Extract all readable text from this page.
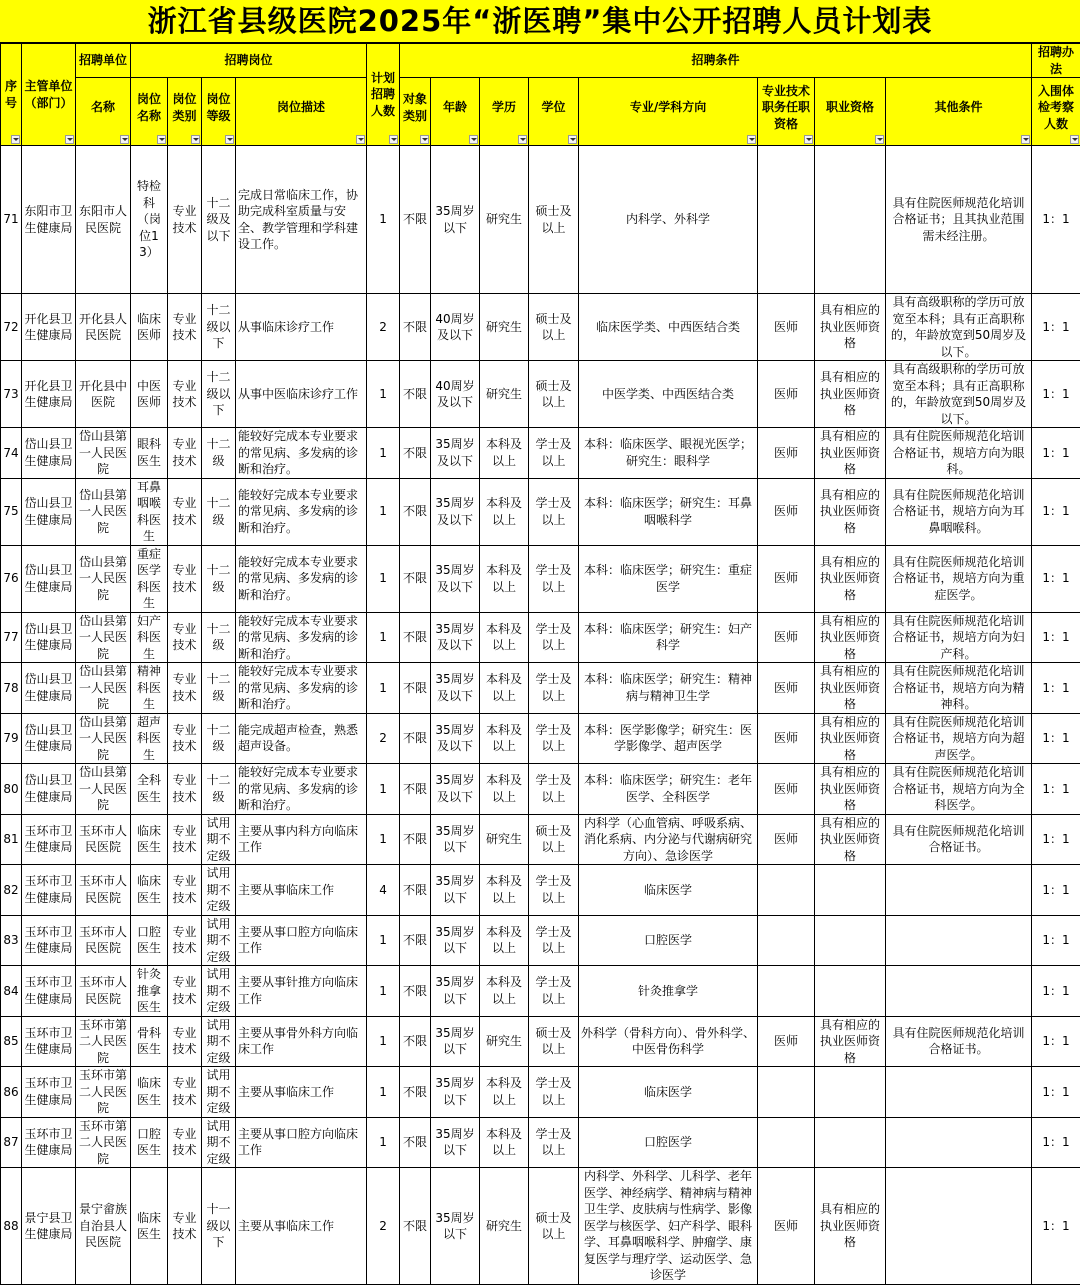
浙江省县级医院2025年“浙医聘”集中公开招聘人员计划表
序号	主管单位（部门）	招聘单位	招聘岗位				计划招聘人数	招聘条件								招聘办法
		名称	岗位名称	岗位类别	岗位等级	岗位描述		对象类别	年龄	学历	学位	专业/学科方向	专业技术职务任职资格	职业资格	其他条件	入围体检考察人数

71	东阳市卫生健康局	东阳市人民医院	特检科（岗位13）	专业技术	十二级及以下	完成日常临床工作，协助完成科室质量与安全、教学管理和学科建设工作。	1	不限	35周岁以下	研究生	硕士及以上	内科学、外科学			具有住院医师规范化培训合格证书；且其执业范围需未经注册。	1：1
72	开化县卫生健康局	开化县人民医院	临床医师	专业技术	十二级以下	从事临床诊疗工作	2	不限	40周岁及以下	研究生	硕士及以上	临床医学类、中西医结合类	医师	具有相应的执业医师资格	具有高级职称的学历可放宽至本科；具有正高职称的，年龄放宽到50周岁及以下。	1：1
73	开化县卫生健康局	开化县中医院	中医医师	专业技术	十二级以下	从事中医临床诊疗工作	1	不限	40周岁及以下	研究生	硕士及以上	中医学类、中西医结合类	医师	具有相应的执业医师资格	具有高级职称的学历可放宽至本科；具有正高职称的，年龄放宽到50周岁及以下。	1：1
74	岱山县卫生健康局	岱山县第一人民医院	眼科医生	专业技术	十二级	能较好完成本专业要求的常见病、多发病的诊断和治疗。	1	不限	35周岁及以下	本科及以上	学士及以上	本科：临床医学、眼视光医学；研究生：眼科学	医师	具有相应的执业医师资格	具有住院医师规范化培训合格证书，规培方向为眼科。	1：1
75	岱山县卫生健康局	岱山县第一人民医院	耳鼻咽喉科医生	专业技术	十二级	能较好完成本专业要求的常见病、多发病的诊断和治疗。	1	不限	35周岁及以下	本科及以上	学士及以上	本科：临床医学；研究生：耳鼻咽喉科学	医师	具有相应的执业医师资格	具有住院医师规范化培训合格证书，规培方向为耳鼻咽喉科。	1：1
76	岱山县卫生健康局	岱山县第一人民医院	重症医学科医生	专业技术	十二级	能较好完成本专业要求的常见病、多发病的诊断和治疗。	1	不限	35周岁及以下	本科及以上	学士及以上	本科：临床医学；研究生：重症医学	医师	具有相应的执业医师资格	具有住院医师规范化培训合格证书，规培方向为重症医学。	1：1
77	岱山县卫生健康局	岱山县第一人民医院	妇产科医生	专业技术	十二级	能较好完成本专业要求的常见病、多发病的诊断和治疗。	1	不限	35周岁及以下	本科及以上	学士及以上	本科：临床医学；研究生：妇产科学	医师	具有相应的执业医师资格	具有住院医师规范化培训合格证书，规培方向为妇产科。	1：1
78	岱山县卫生健康局	岱山县第一人民医院	精神科医生	专业技术	十二级	能较好完成本专业要求的常见病、多发病的诊断和治疗。	1	不限	35周岁及以下	本科及以上	学士及以上	本科：临床医学；研究生：精神病与精神卫生学	医师	具有相应的执业医师资格	具有住院医师规范化培训合格证书，规培方向为精神科。	1：1
79	岱山县卫生健康局	岱山县第一人民医院	超声科医生	专业技术	十二级	能完成超声检查，熟悉超声设备。	2	不限	35周岁及以下	本科及以上	学士及以上	本科：医学影像学；研究生：医学影像学、超声医学	医师	具有相应的执业医师资格	具有住院医师规范化培训合格证书，规培方向为超声医学。	1：1
80	岱山县卫生健康局	岱山县第一人民医院	全科医生	专业技术	十二级	能较好完成本专业要求的常见病、多发病的诊断和治疗。	1	不限	35周岁及以下	本科及以上	学士及以上	本科：临床医学；研究生：老年医学、全科医学	医师	具有相应的执业医师资格	具有住院医师规范化培训合格证书，规培方向为全科医学。	1：1
81	玉环市卫生健康局	玉环市人民医院	临床医生	专业技术	试用期不定级	主要从事内科方向临床工作	1	不限	35周岁以下	研究生	硕士及以上	内科学（心血管病、呼吸系病、消化系病、内分泌与代谢病研究方向）、急诊医学	医师	具有相应的执业医师资格	具有住院医师规范化培训合格证书。	1：1
82	玉环市卫生健康局	玉环市人民医院	临床医生	专业技术	试用期不定级	主要从事临床工作	4	不限	35周岁以下	本科及以上	学士及以上	临床医学				1：1
83	玉环市卫生健康局	玉环市人民医院	口腔医生	专业技术	试用期不定级	主要从事口腔方向临床工作	1	不限	35周岁以下	本科及以上	学士及以上	口腔医学				1：1
84	玉环市卫生健康局	玉环市人民医院	针灸推拿医生	专业技术	试用期不定级	主要从事针推方向临床工作	1	不限	35周岁以下	本科及以上	学士及以上	针灸推拿学				1：1
85	玉环市卫生健康局	玉环市第二人民医院	骨科医生	专业技术	试用期不定级	主要从事骨外科方向临床工作	1	不限	35周岁以下	研究生	硕士及以上	外科学（骨科方向）、骨外科学、中医骨伤科学	医师	具有相应的执业医师资格	具有住院医师规范化培训合格证书。	1：1
86	玉环市卫生健康局	玉环市第二人民医院	临床医生	专业技术	试用期不定级	主要从事临床工作	1	不限	35周岁以下	本科及以上	学士及以上	临床医学				1：1
87	玉环市卫生健康局	玉环市第二人民医院	口腔医生	专业技术	试用期不定级	主要从事口腔方向临床工作	1	不限	35周岁以下	本科及以上	学士及以上	口腔医学				1：1
88	景宁县卫生健康局	景宁畲族自治县人民医院	临床医生	专业技术	十一级以下	主要从事临床工作	2	不限	35周岁以下	研究生	硕士及以上	内科学、外科学、儿科学、老年医学、神经病学、精神病与精神卫生学、皮肤病与性病学、影像医学与核医学、妇产科学、眼科学、耳鼻咽喉科学、肿瘤学、康复医学与理疗学、运动医学、急诊医学	医师	具有相应的执业医师资格		1：1
